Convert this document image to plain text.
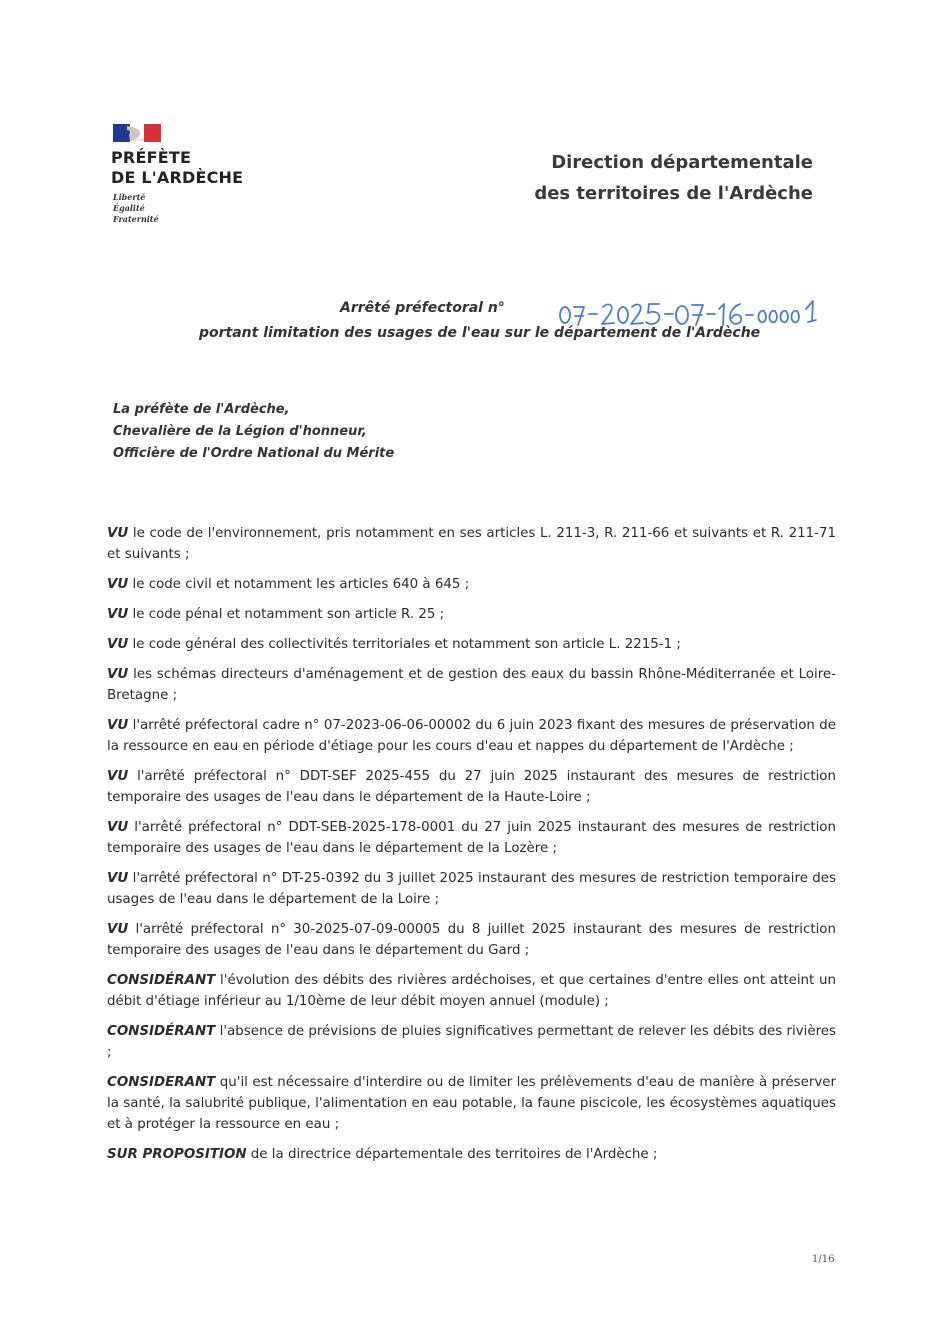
PRÉFÈTE
DE L'ARDÈCHE
Liberté
Égalité
Fraternité
Direction départementale
des territoires de l'Ardèche
Arrêté préfectoral n°
portant limitation des usages de l'eau sur le département de l'Ardèche
La préfète de l'Ardèche,
Chevalière de la Légion d'honneur,
Officière de l'Ordre National du Mérite

VU le code de l'environnement, pris notamment en ses articles L. 211-3, R. 211-66 et suivants et R. 211-71 et suivants ;

VU le code civil et notamment les articles 640 à 645 ;

VU le code pénal et notamment son article R. 25 ;

VU le code général des collectivités territoriales et notamment son article L. 2215-1 ;

VU les schémas directeurs d'aménagement et de gestion des eaux du bassin Rhône-Méditerranée et Loire-Bretagne ;

VU l'arrêté préfectoral cadre n° 07-2023-06-06-00002 du 6 juin 2023 fixant des mesures de préservation de la ressource en eau en période d'étiage pour les cours d'eau et nappes du département de l'Ardèche ;

VU l'arrêté préfectoral n° DDT-SEF 2025-455 du 27 juin 2025 instaurant des mesures de restriction temporaire des usages de l'eau dans le département de la Haute-Loire ;

VU l'arrêté préfectoral n° DDT-SEB-2025-178-0001 du 27 juin 2025 instaurant des mesures de restriction temporaire des usages de l'eau dans le département de la Lozère ;

VU l'arrêté préfectoral n° DT-25-0392 du 3 juillet 2025 instaurant des mesures de restriction temporaire des usages de l'eau dans le département de la Loire ;

VU l'arrêté préfectoral n° 30-2025-07-09-00005 du 8 juillet 2025 instaurant des mesures de restriction temporaire des usages de l'eau dans le département du Gard ;

CONSIDÉRANT l'évolution des débits des rivières ardéchoises, et que certaines d'entre elles ont atteint un débit d'étiage inférieur au 1/10ème de leur débit moyen annuel (module) ;

CONSIDÉRANT l'absence de prévisions de pluies significatives permettant de relever les débits des rivières ;

CONSIDERANT qu'il est nécessaire d'interdire ou de limiter les prélèvements d'eau de manière à préserver la santé, la salubrité publique, l'alimentation en eau potable, la faune piscicole, les écosystèmes aquatiques et à protéger la ressource en eau ;

SUR PROPOSITION de la directrice départementale des territoires de l'Ardèche ;

1/16
